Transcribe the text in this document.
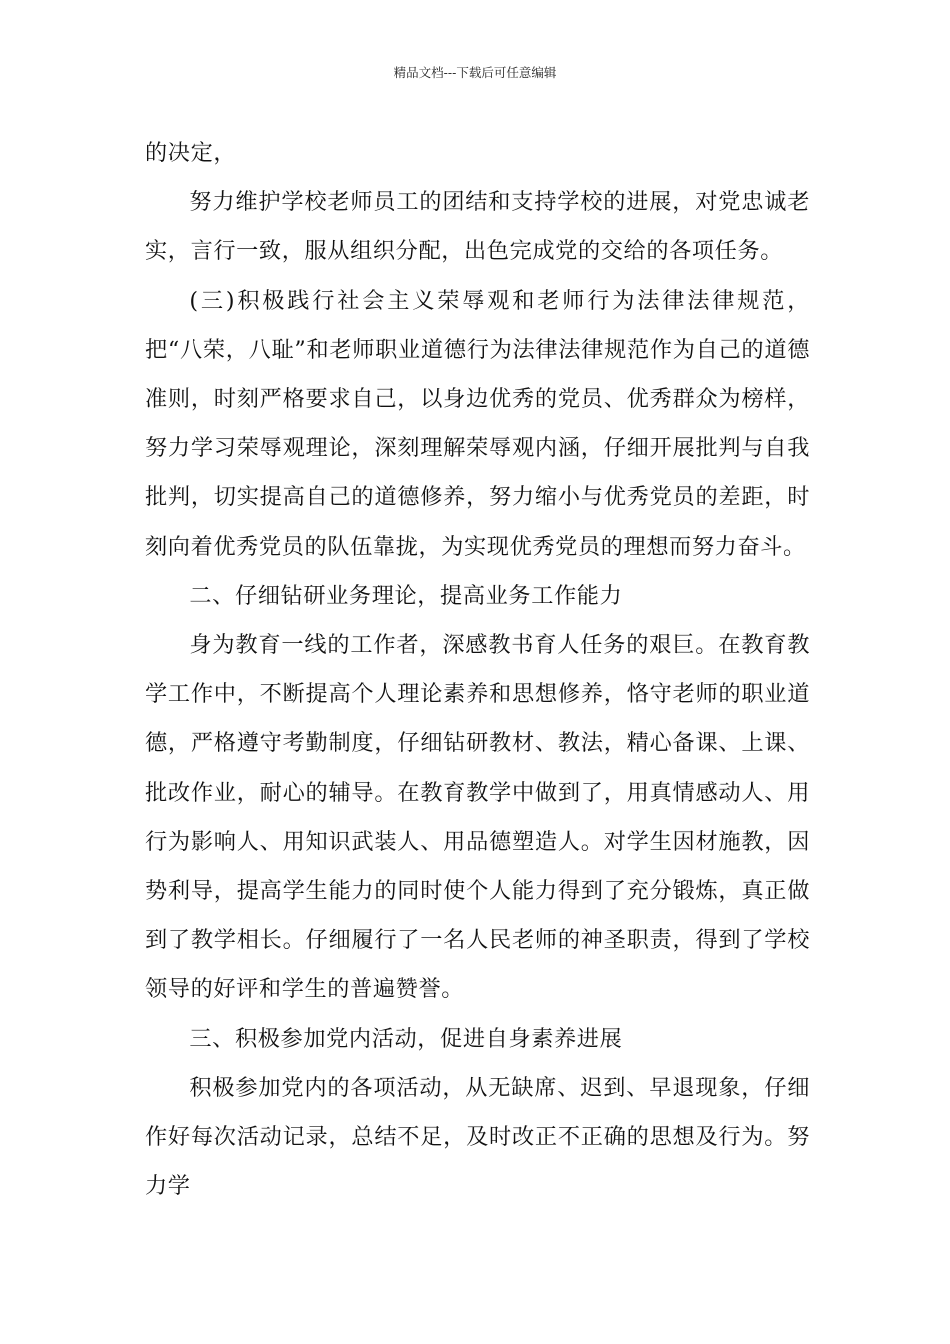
精品文档---下载后可任意编辑

的决定，

努力维护学校老师员工的团结和支持学校的进展，对党忠诚老实，言行一致，服从组织分配，出色完成党的交给的各项任务。

(三)积极践行社会主义荣辱观和老师行为法律法律规范，把“八荣，八耻”和老师职业道德行为法律法律规范作为自己的道德准则，时刻严格要求自己，以身边优秀的党员、优秀群众为榜样，努力学习荣辱观理论，深刻理解荣辱观内涵，仔细开展批判与自我批判，切实提高自己的道德修养，努力缩小与优秀党员的差距，时刻向着优秀党员的队伍靠拢，为实现优秀党员的理想而努力奋斗。

二、仔细钻研业务理论，提高业务工作能力

身为教育一线的工作者，深感教书育人任务的艰巨。在教育教学工作中，不断提高个人理论素养和思想修养，恪守老师的职业道德，严格遵守考勤制度，仔细钻研教材、教法，精心备课、上课、批改作业，耐心的辅导。在教育教学中做到了，用真情感动人、用行为影响人、用知识武装人、用品德塑造人。对学生因材施教，因势利导，提高学生能力的同时使个人能力得到了充分锻炼，真正做到了教学相长。仔细履行了一名人民老师的神圣职责，得到了学校领导的好评和学生的普遍赞誉。

三、积极参加党内活动，促进自身素养进展

积极参加党内的各项活动，从无缺席、迟到、早退现象，仔细作好每次活动记录，总结不足，及时改正不正确的思想及行为。努力学
